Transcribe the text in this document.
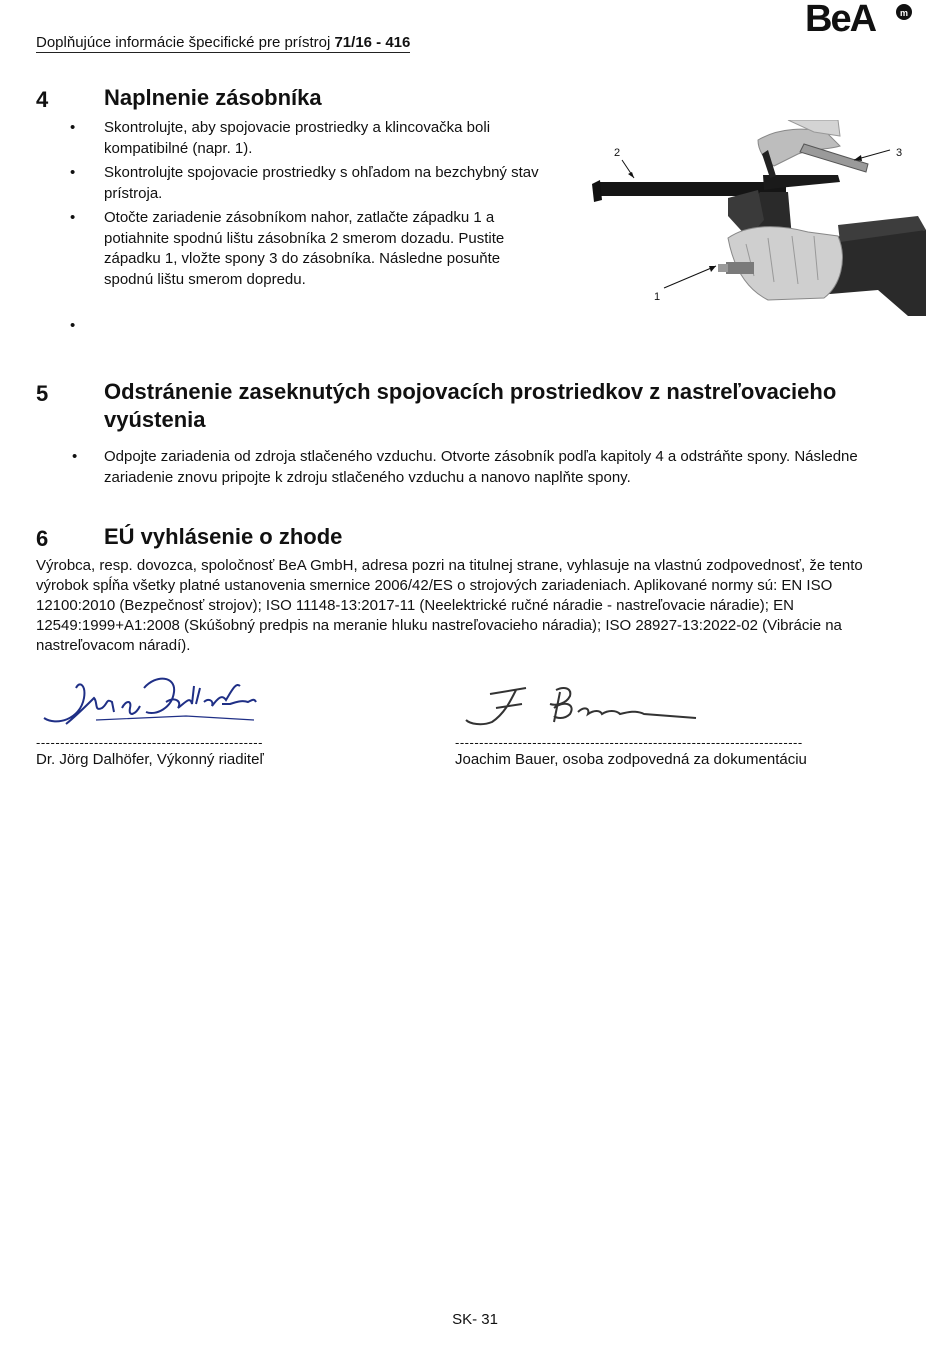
Doplňujúce informácie špecifické pre prístroj 71/16 - 416
BeA	m
4	Naplnenie zásobníka
• Skontrolujte, aby spojovacie prostriedky a klincovačka boli kompatibilné (napr. 1).
• Skontrolujte spojovacie prostriedky s ohľadom na bezchybný stav prístroja.
• Otočte zariadenie zásobníkom nahor, zatlačte západku 1 a potiahnite spodnú lištu zásobníka 2 smerom dozadu. Pustite západku 1, vložte spony 3 do zásobníka. Následne posuňte spodnú lištu smerom dopredu.
•
2	3
1
5	Odstránenie zaseknutých spojovacích prostriedkov z nastreľovacieho vyústenia
• Odpojte zariadenia od zdroja stlačeného vzduchu. Otvorte zásobník podľa kapitoly 4 a odstráňte spony. Následne zariadenie znovu pripojte k zdroju stlačeného vzduchu a nanovo naplňte spony.
6	EÚ vyhlásenie o zhode
Výrobca, resp. dovozca, spoločnosť BeA GmbH, adresa pozri na titulnej strane, vyhlasuje na vlastnú zodpovednosť, že tento výrobok spĺňa všetky platné ustanovenia smernice 2006/42/ES o strojových zariadeniach. Aplikované normy sú: EN ISO 12100:2010 (Bezpečnosť strojov); ISO 11148-13:2017-11 (Neelektrické ručné náradie - nastreľovacie náradie); EN 12549:1999+A1:2008 (Skúšobný predpis na meranie hluku nastreľovacieho náradia); ISO 28927-13:2022-02 (Vibrácie na nastreľovacom náradí).
-----------------------------------------------	------------------------------------------------------------------------
Dr. Jörg Dalhöfer, Výkonný riaditeľ	Joachim Bauer, osoba zodpovedná za dokumentáciu
SK- 31
